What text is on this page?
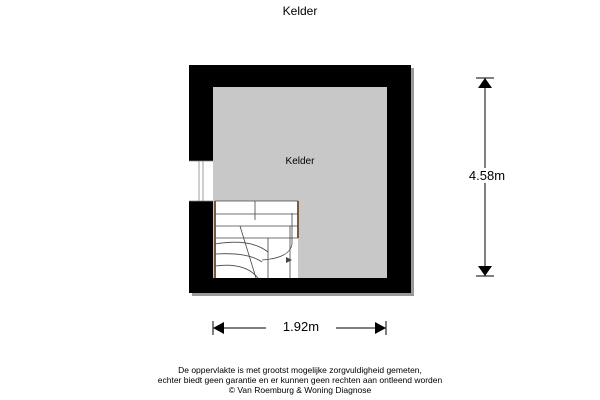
Kelder
Kelder
4.58m
1.92m
De oppervlakte is met grootst mogelijke zorgvuldigheid gemeten,
echter biedt geen garantie en er kunnen geen rechten aan ontleend worden
© Van Roemburg & Woning Diagnose
